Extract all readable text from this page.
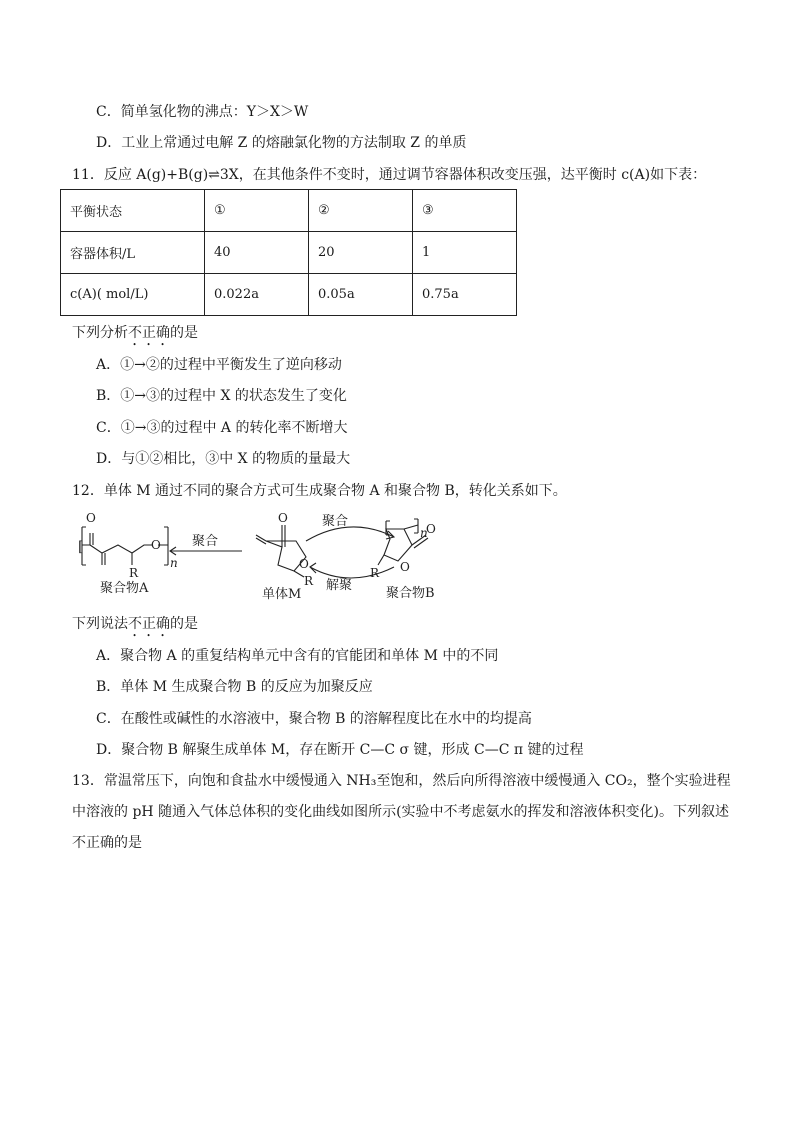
C．简单氢化物的沸点：Y＞X＞W
D．工业上常通过电解 Z 的熔融氯化物的方法制取 Z 的单质
11．反应 A(g)+B(g)⇌3X，在其他条件不变时，通过调节容器体积改变压强，达平衡时 c(A)如下表：
平衡状态	①	②	③
容器体积/L	40	20	1
c(A)( mol/L)	0.022a	0.05a	0.75a
下列分析不正确的是
A．①→②的过程中平衡发生了逆向移动
B．①→③的过程中 X 的状态发生了变化
C．①→③的过程中 A 的转化率不断增大
D．与①②相比，③中 X 的物质的量最大
12．单体 M 通过不同的聚合方式可生成聚合物 A 和聚合物 B，转化关系如下。
O
[	O
R
n
聚合物A
聚合
O
O
R
单体M
聚合
解聚
O
O
R
n
聚合物B
下列说法不正确的是
A．聚合物 A 的重复结构单元中含有的官能团和单体 M 中的不同
B．单体 M 生成聚合物 B 的反应为加聚反应
C．在酸性或碱性的水溶液中，聚合物 B 的溶解程度比在水中的均提高
D．聚合物 B 解聚生成单体 M，存在断开 C—C σ 键，形成 C—C π 键的过程
13．常温常压下，向饱和食盐水中缓慢通入 NH₃至饱和，然后向所得溶液中缓慢通入 CO₂，整个实验进程
中溶液的 pH 随通入气体总体积的变化曲线如图所示(实验中不考虑氨水的挥发和溶液体积变化)。下列叙述
不正确的是
